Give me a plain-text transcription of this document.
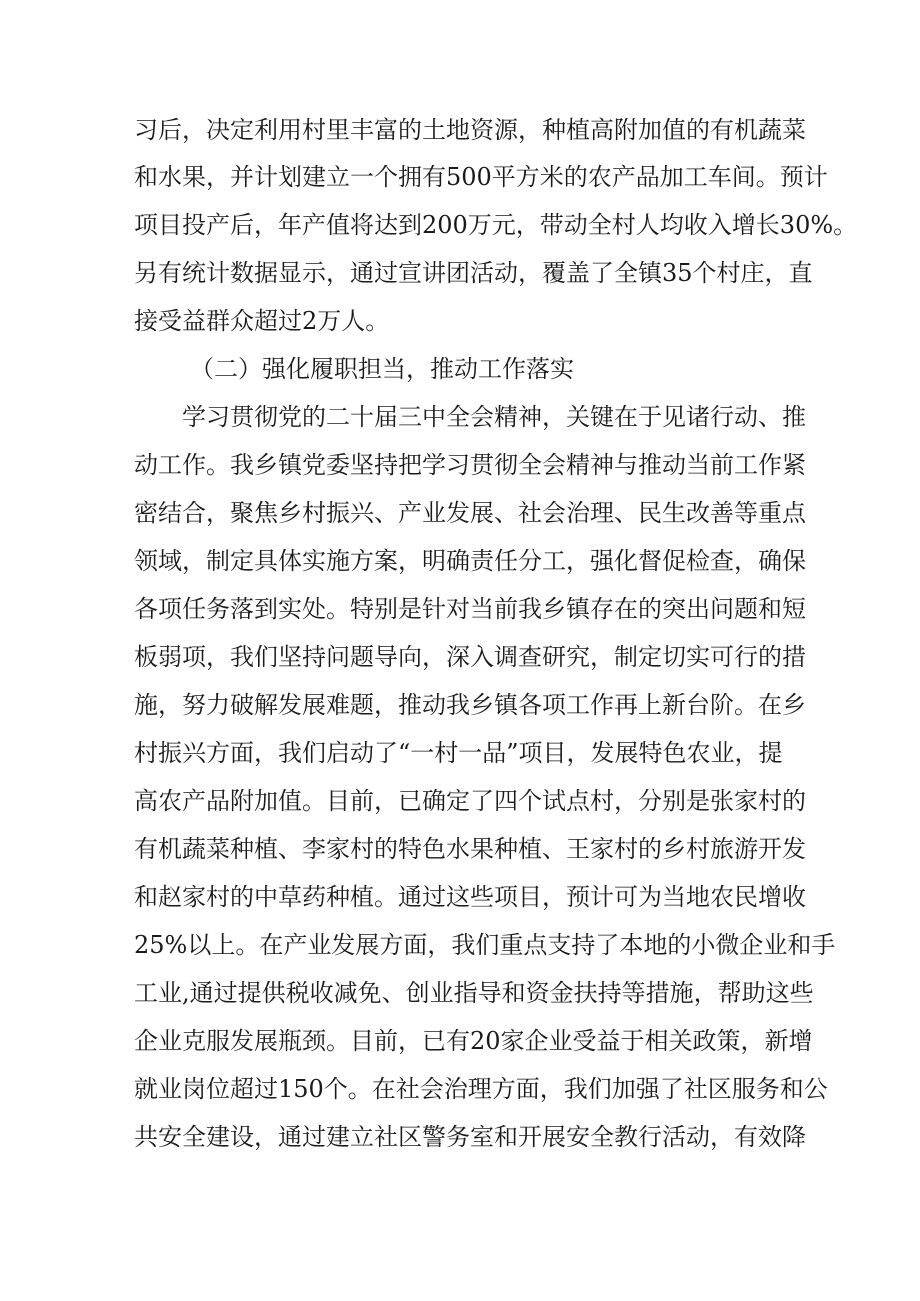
习后，决定利用村里丰富的土地资源，种植高附加值的有机蔬菜
和水果，并计划建立一个拥有500平方米的农产品加工车间。预计
项目投产后，年产值将达到200万元，带动全村人均收入增长30%。
另有统计数据显示，通过宣讲团活动，覆盖了全镇35个村庄，直
接受益群众超过2万人。
（二）强化履职担当，推动工作落实
学习贯彻党的二十届三中全会精神，关键在于见诸行动、推
动工作。我乡镇党委坚持把学习贯彻全会精神与推动当前工作紧
密结合，聚焦乡村振兴、产业发展、社会治理、民生改善等重点
领域，制定具体实施方案，明确责任分工，强化督促检查，确保
各项任务落到实处。特别是针对当前我乡镇存在的突出问题和短
板弱项，我们坚持问题导向，深入调查研究，制定切实可行的措
施，努力破解发展难题，推动我乡镇各项工作再上新台阶。在乡
村振兴方面，我们启动了“一村一品”项目，发展特色农业，提
高农产品附加值。目前，已确定了四个试点村，分别是张家村的
有机蔬菜种植、李家村的特色水果种植、王家村的乡村旅游开发
和赵家村的中草药种植。通过这些项目，预计可为当地农民增收
25%以上。在产业发展方面，我们重点支持了本地的小微企业和手
工业,通过提供税收减免、创业指导和资金扶持等措施，帮助这些
企业克服发展瓶颈。目前，已有20家企业受益于相关政策，新增
就业岗位超过150个。在社会治理方面，我们加强了社区服务和公
共安全建设，通过建立社区警务室和开展安全教行活动，有效降
